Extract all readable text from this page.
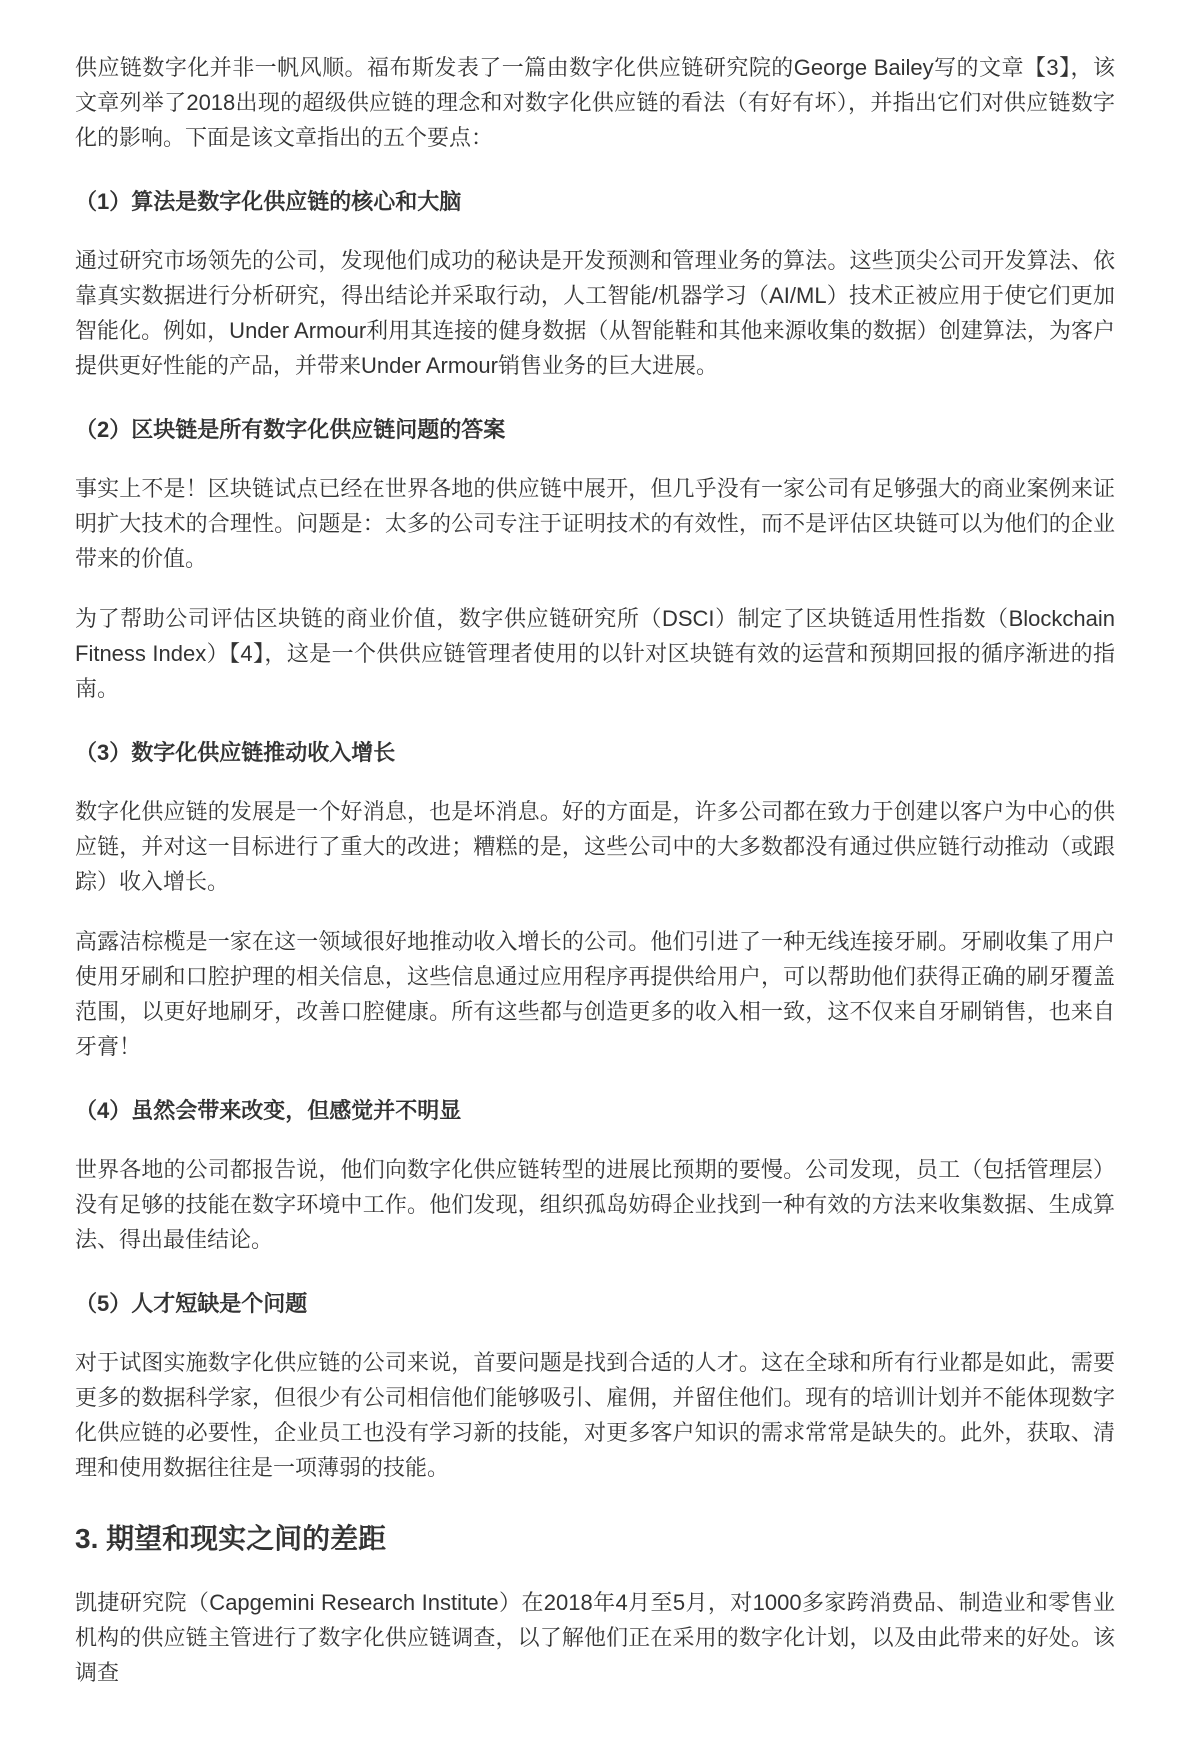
供应链数字化并非一帆风顺。福布斯发表了一篇由数字化供应链研究院的George Bailey写的文章【3】，该文章列举了2018出现的超级供应链的理念和对数字化供应链的看法（有好有坏），并指出它们对供应链数字化的影响。下面是该文章指出的五个要点：

（1）算法是数字化供应链的核心和大脑

通过研究市场领先的公司，发现他们成功的秘诀是开发预测和管理业务的算法。这些顶尖公司开发算法、依靠真实数据进行分析研究，得出结论并采取行动，人工智能/机器学习（AI/ML）技术正被应用于使它们更加智能化。例如，Under Armour利用其连接的健身数据（从智能鞋和其他来源收集的数据）创建算法，为客户提供更好性能的产品，并带来Under Armour销售业务的巨大进展。

（2）区块链是所有数字化供应链问题的答案

事实上不是！区块链试点已经在世界各地的供应链中展开，但几乎没有一家公司有足够强大的商业案例来证明扩大技术的合理性。问题是：太多的公司专注于证明技术的有效性，而不是评估区块链可以为他们的企业带来的价值。

为了帮助公司评估区块链的商业价值，数字供应链研究所（DSCI）制定了区块链适用性指数（Blockchain Fitness Index）【4】，这是一个供供应链管理者使用的以针对区块链有效的运营和预期回报的循序渐进的指南。

（3）数字化供应链推动收入增长

数字化供应链的发展是一个好消息，也是坏消息。好的方面是，许多公司都在致力于创建以客户为中心的供应链，并对这一目标进行了重大的改进；糟糕的是，这些公司中的大多数都没有通过供应链行动推动（或跟踪）收入增长。

高露洁棕榄是一家在这一领域很好地推动收入增长的公司。他们引进了一种无线连接牙刷。牙刷收集了用户使用牙刷和口腔护理的相关信息，这些信息通过应用程序再提供给用户，可以帮助他们获得正确的刷牙覆盖范围，以更好地刷牙，改善口腔健康。所有这些都与创造更多的收入相一致，这不仅来自牙刷销售，也来自牙膏！

（4）虽然会带来改变，但感觉并不明显

世界各地的公司都报告说，他们向数字化供应链转型的进展比预期的要慢。公司发现，员工（包括管理层）没有足够的技能在数字环境中工作。他们发现，组织孤岛妨碍企业找到一种有效的方法来收集数据、生成算法、得出最佳结论。

（5）人才短缺是个问题

对于试图实施数字化供应链的公司来说，首要问题是找到合适的人才。这在全球和所有行业都是如此，需要更多的数据科学家，但很少有公司相信他们能够吸引、雇佣，并留住他们。现有的培训计划并不能体现数字化供应链的必要性，企业员工也没有学习新的技能，对更多客户知识的需求常常是缺失的。此外，获取、清理和使用数据往往是一项薄弱的技能。

3. 期望和现实之间的差距

凯捷研究院（Capgemini Research Institute）在2018年4月至5月，对1000多家跨消费品、制造业和零售业机构的供应链主管进行了数字化供应链调查，以了解他们正在采用的数字化计划，以及由此带来的好处。该调查
